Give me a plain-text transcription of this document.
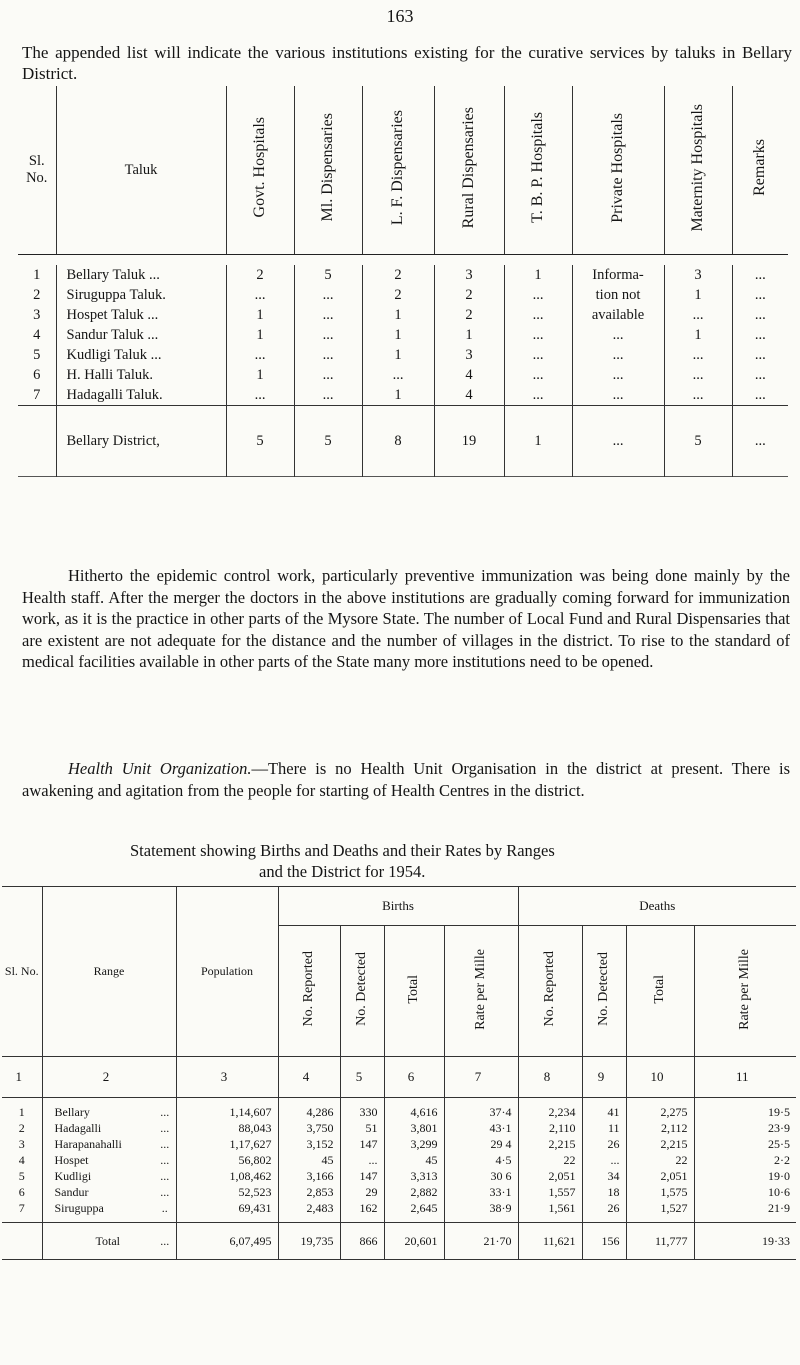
163

The appended list will indicate the various institutions existing for the curative services by taluks in Bellary District.

Sl. No.	Taluk	Govt. Hospitals	Ml. Dispensaries	L. F. Dispensaries	Rural Dispensaries	T. B. P. Hospitals	Private Hospitals	Maternity Hospitals	Remarks

1	Bellary Taluk ...	2	5	2	3	1	Informa-	3	...
2	Siruguppa Taluk.	...	...	2	2	...	tion not	1	...
3	Hospet Taluk ...	1	...	1	2	...	available	...	...
4	Sandur Taluk ...	1	...	1	1	...	...	1	...
5	Kudligi Taluk ...	...	...	1	3	...	...	...	...
6	H. Halli Taluk.	1	...	...	4	...	...	...	...
7	Hadagalli Taluk.	...	...	1	4	...	...	...	...
	Bellary District,	5	5	8	19	1	...	5	...

Hitherto the epidemic control work, particularly preventive immunization was being done mainly by the Health staff. After the merger the doctors in the above institutions are gradually coming forward for immunization work, as it is the practice in other parts of the Mysore State. The number of Local Fund and Rural Dispensaries that are existent are not adequate for the distance and the number of villages in the district. To rise to the standard of medical facilities available in other parts of the State many more institutions need to be opened.

Health Unit Organization.—There is no Health Unit Organisation in the district at present. There is awakening and agitation from the people for starting of Health Centres in the district.

Statement showing Births and Deaths and their Rates by Ranges
and the District for 1954.

Sl. No.	Range		Population	Births				Deaths			
				No. Reported	No. Detected	Total	Rate per Mille	No. Reported	No. Detected	Total	Rate per Mille
1	2		3	4	5	6	7	8	9	10	11
1	Bellary	...	1,14,607	4,286	330	4,616	37·4	2,234	41	2,275	19·5
2	Hadagalli	...	88,043	3,750	51	3,801	43·1	2,110	11	2,112	23·9
3	Harapanahalli	...	1,17,627	3,152	147	3,299	29 4	2,215	26	2,215	25·5
4	Hospet	...	56,802	45	...	45	4·5	22	...	22	2·2
5	Kudligi	...	1,08,462	3,166	147	3,313	30 6	2,051	34	2,051	19·0
6	Sandur	...	52,523	2,853	29	2,882	33·1	1,557	18	1,575	10·6
7	Siruguppa	..	69,431	2,483	162	2,645	38·9	1,561	26	1,527	21·9
	Total	...	6,07,495	19,735	866	20,601	21·70	11,621	156	11,777	19·33
